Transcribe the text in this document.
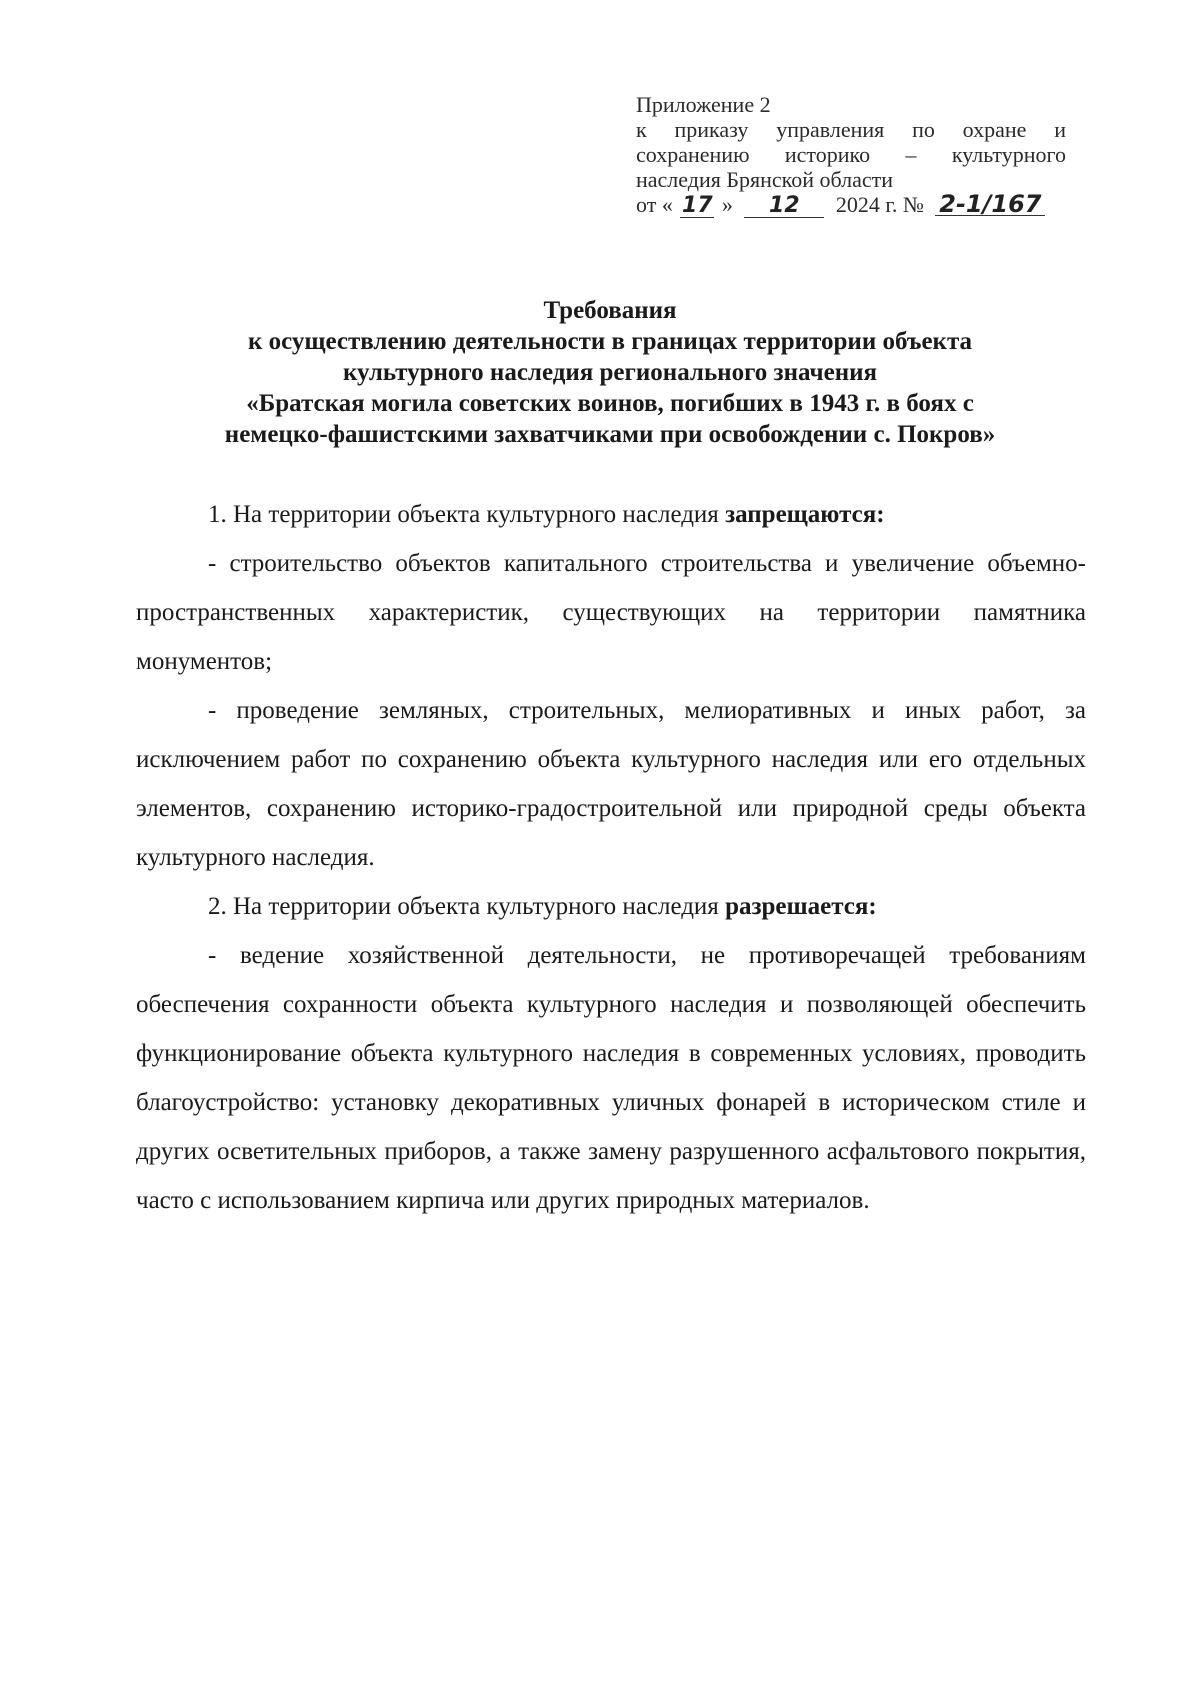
Приложение 2
к приказу управления по охране и
сохранению историко – культурного
наследия Брянской области
от « 17 » 12 2024 г. № 2-1/167
Требования
к осуществлению деятельности в границах территории объекта
культурного наследия регионального значения
«Братская могила советских воинов, погибших в 1943 г. в боях с
немецко-фашистскими захватчиками при освобождении с. Покров»

1. На территории объекта культурного наследия запрещаются:

- строительство объектов капитального строительства и увеличение объемно-пространственных характеристик, существующих на территории памятника монументов;

- проведение земляных, строительных, мелиоративных и иных работ, за исключением работ по сохранению объекта культурного наследия или его отдельных элементов, сохранению историко-градостроительной или природной среды объекта культурного наследия.

2. На территории объекта культурного наследия разрешается:

- ведение хозяйственной деятельности, не противоречащей требованиям обеспечения сохранности объекта культурного наследия и позволяющей обеспечить функционирование объекта культурного наследия в современных условиях, проводить благоустройство: установку декоративных уличных фонарей в историческом стиле и других осветительных приборов, а также замену разрушенного асфальтового покрытия, часто с использованием кирпича или других природных материалов.
